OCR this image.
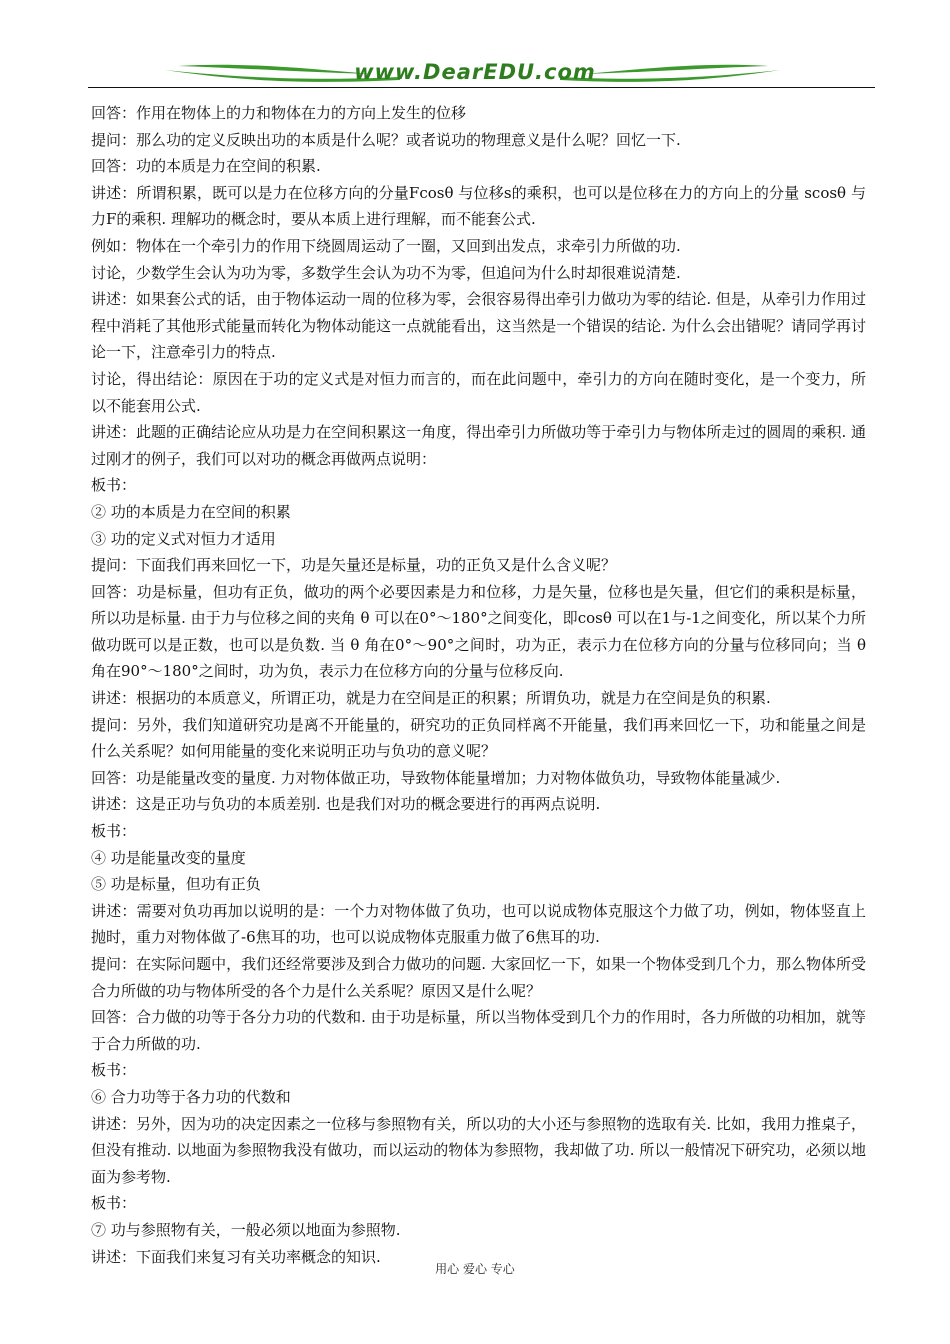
www.DearEDU.com

回答：作用在物体上的力和物体在力的方向上发生的位移

提问：那么功的定义反映出功的本质是什么呢？或者说功的物理意义是什么呢？回忆一下.

回答：功的本质是力在空间的积累.

讲述：所谓积累，既可以是力在位移方向的分量Fcosθ 与位移s的乘积，也可以是位移在力的方向上的分量 scosθ 与力F的乘积. 理解功的概念时，要从本质上进行理解，而不能套公式.

例如：物体在一个牵引力的作用下绕圆周运动了一圈，又回到出发点，求牵引力所做的功.

讨论，少数学生会认为功为零，多数学生会认为功不为零，但追问为什么时却很难说清楚.

讲述：如果套公式的话，由于物体运动一周的位移为零，会很容易得出牵引力做功为零的结论. 但是，从牵引力作用过程中消耗了其他形式能量而转化为物体动能这一点就能看出，这当然是一个错误的结论. 为什么会出错呢？请同学再讨论一下，注意牵引力的特点.

讨论，得出结论：原因在于功的定义式是对恒力而言的，而在此问题中，牵引力的方向在随时变化，是一个变力，所以不能套用公式.

讲述：此题的正确结论应从功是力在空间积累这一角度，得出牵引力所做功等于牵引力与物体所走过的圆周的乘积. 通过刚才的例子，我们可以对功的概念再做两点说明：

板书：

② 功的本质是力在空间的积累

③ 功的定义式对恒力才适用

提问：下面我们再来回忆一下，功是矢量还是标量，功的正负又是什么含义呢？

回答：功是标量，但功有正负，做功的两个必要因素是力和位移，力是矢量，位移也是矢量，但它们的乘积是标量，所以功是标量. 由于力与位移之间的夹角 θ 可以在0°～180°之间变化，即cosθ 可以在1与-1之间变化，所以某个力所做功既可以是正数，也可以是负数. 当 θ 角在0°～90°之间时，功为正，表示力在位移方向的分量与位移同向；当 θ 角在90°～180°之间时，功为负，表示力在位移方向的分量与位移反向.

讲述：根据功的本质意义，所谓正功，就是力在空间是正的积累；所谓负功，就是力在空间是负的积累.

提问：另外，我们知道研究功是离不开能量的，研究功的正负同样离不开能量，我们再来回忆一下，功和能量之间是什么关系呢？如何用能量的变化来说明正功与负功的意义呢？

回答：功是能量改变的量度. 力对物体做正功，导致物体能量增加；力对物体做负功，导致物体能量减少.

讲述：这是正功与负功的本质差别. 也是我们对功的概念要进行的再两点说明.

板书：

④ 功是能量改变的量度

⑤ 功是标量，但功有正负

讲述：需要对负功再加以说明的是：一个力对物体做了负功，也可以说成物体克服这个力做了功，例如，物体竖直上抛时，重力对物体做了-6焦耳的功，也可以说成物体克服重力做了6焦耳的功.

提问：在实际问题中，我们还经常要涉及到合力做功的问题. 大家回忆一下，如果一个物体受到几个力，那么物体所受合力所做的功与物体所受的各个力是什么关系呢？原因又是什么呢？

回答：合力做的功等于各分力功的代数和. 由于功是标量，所以当物体受到几个力的作用时，各力所做的功相加，就等于合力所做的功.

板书：

⑥ 合力功等于各力功的代数和

讲述：另外，因为功的决定因素之一位移与参照物有关，所以功的大小还与参照物的选取有关. 比如，我用力推桌子，但没有推动. 以地面为参照物我没有做功，而以运动的物体为参照物，我却做了功. 所以一般情况下研究功，必须以地面为参考物.

板书：

⑦ 功与参照物有关，一般必须以地面为参照物.

讲述：下面我们来复习有关功率概念的知识.

用心 爱心 专心
